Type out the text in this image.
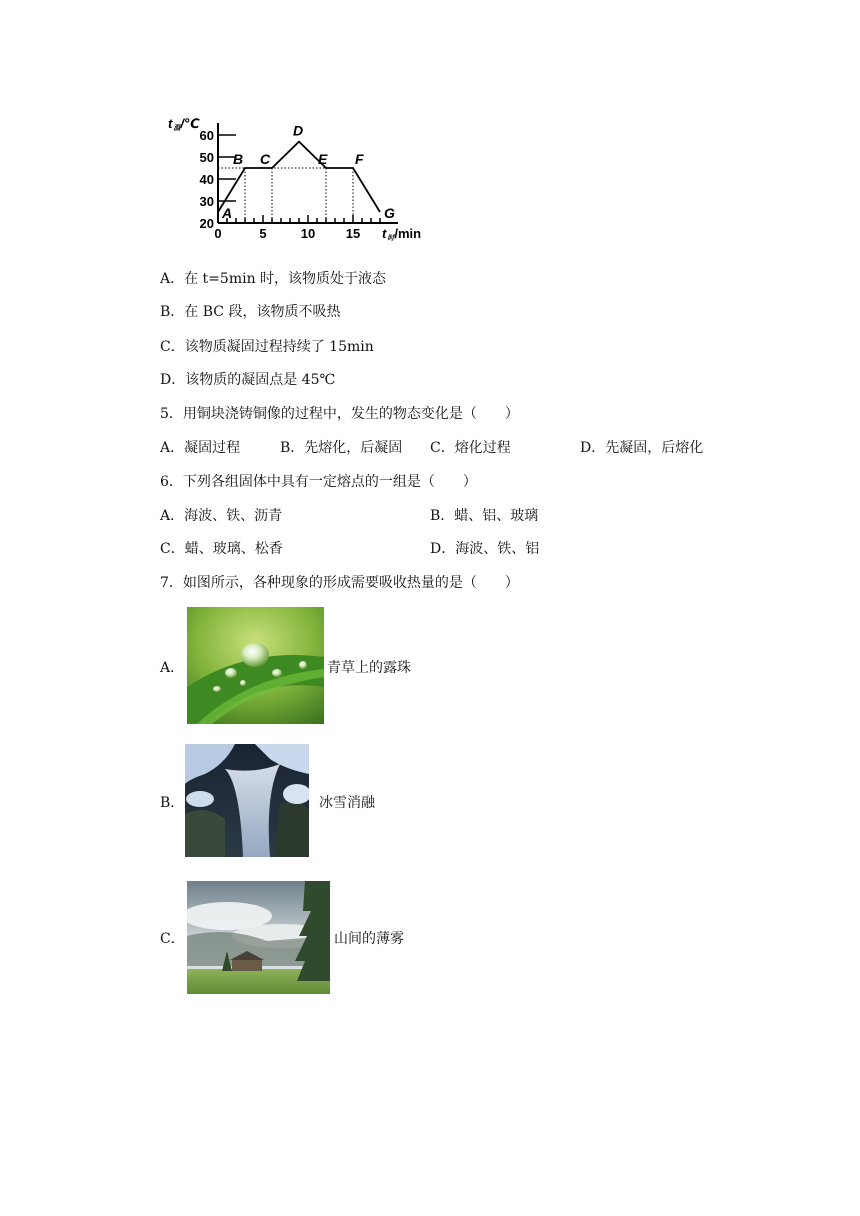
60
50
40
30
20
0	5	10 15
t温/℃
t时/min
A
B C
D
E F
G
A．在 t=5min 时，该物质处于液态
B．在 BC 段，该物质不吸热
C．该物质凝固过程持续了 15min
D．该物质的凝固点是 45℃
5．用铜块浇铸铜像的过程中，发生的物态变化是（　　）
A．凝固过程	B．先熔化，后凝固 C．熔化过程	D．先凝固，后熔化
6．下列各组固体中具有一定熔点的一组是（　　）
A．海波、铁、沥青	B．蜡、铝、玻璃
C．蜡、玻璃、松香	D．海波、铁、铝
7．如图所示，各种现象的形成需要吸收热量的是（　　）
A．	青草上的露珠
B．	冰雪消融
C．	山间的薄雾
